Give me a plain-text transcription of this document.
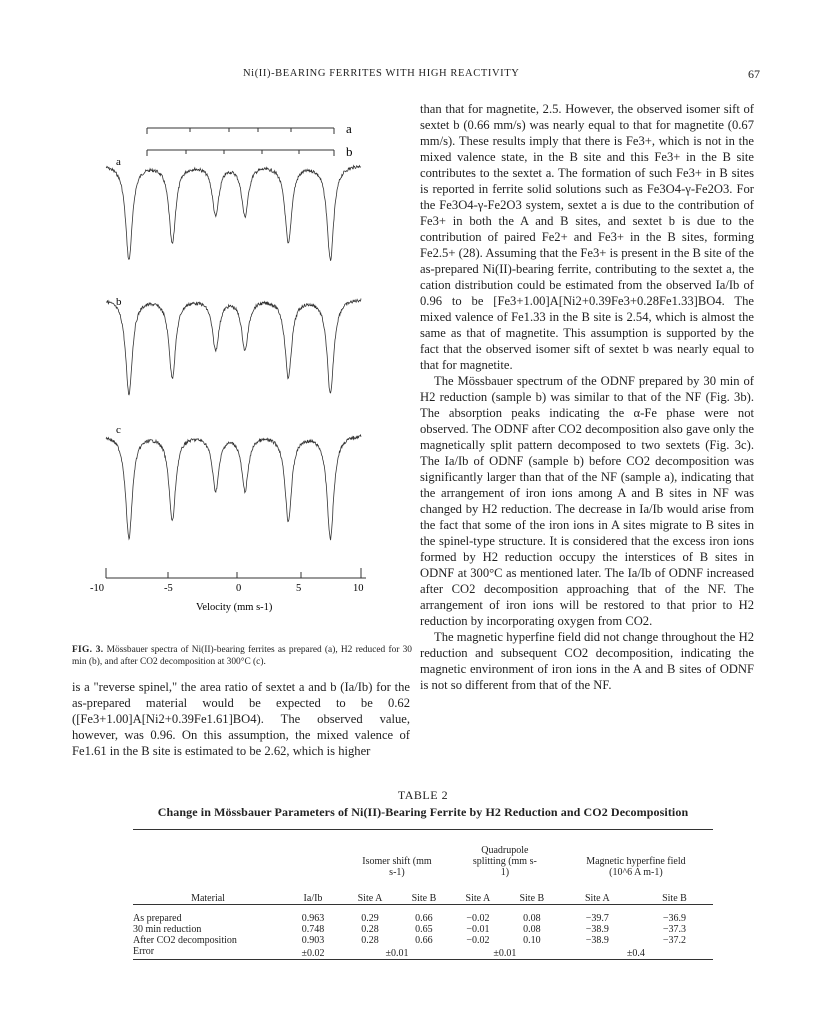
Ni(II)-BEARING FERRITES WITH HIGH REACTIVITY	67
a
b
a
b
c
-10	-5	0	5	10
Velocity (mm s-1)
FIG. 3. Mössbauer spectra of Ni(II)-bearing ferrites as prepared (a), H2 reduced for 30 min (b), and after CO2 decomposition at 300°C (c).

than that for magnetite, 2.5. However, the observed isomer sift of sextet b (0.66 mm/s) was nearly equal to that for magnetite (0.67 mm/s). These results imply that there is Fe3+, which is not in the mixed valence state, in the B site and this Fe3+ in the B site contributes to the sextet a. The formation of such Fe3+ in B sites is reported in ferrite solid solutions such as Fe3O4-γ-Fe2O3. For the Fe3O4-γ-Fe2O3 system, sextet a is due to the contribution of Fe3+ in both the A and B sites, and sextet b is due to the contribution of paired Fe2+ and Fe3+ in the B sites, forming Fe2.5+ (28). Assuming that the Fe3+ is present in the B site of the as-prepared Ni(II)-bearing ferrite, contributing to the sextet a, the cation distribution could be estimated from the observed Ia/Ib of 0.96 to be [Fe3+1.00]A[Ni2+0.39Fe3+0.28Fe1.33]BO4. The mixed valence of Fe1.33 in the B site is 2.54, which is almost the same as that of magnetite. This assumption is supported by the fact that the observed isomer sift of sextet b was nearly equal to that for magnetite.

The Mössbauer spectrum of the ODNF prepared by 30 min of H2 reduction (sample b) was similar to that of the NF (Fig. 3b). The absorption peaks indicating the α-Fe phase were not observed. The ODNF after CO2 decomposition also gave only the magnetically split pattern decomposed to two sextets (Fig. 3c). The Ia/Ib of ODNF (sample b) before CO2 decomposition was significantly larger than that of the NF (sample a), indicating that the arrangement of iron ions among A and B sites in NF was changed by H2 reduction. The decrease in Ia/Ib would arise from the fact that some of the iron ions in A sites migrate to B sites in the spinel-type structure. It is considered that the excess iron ions formed by H2 reduction occupy the interstices of B sites in ODNF at 300°C as mentioned later. The Ia/Ib of ODNF increased after CO2 decomposition approaching that of the NF. The arrangement of iron ions will be restored to that prior to H2 reduction by incorporating oxygen from CO2.

The magnetic hyperfine field did not change throughout the H2 reduction and subsequent CO2 decomposition, indicating the magnetic environment of iron ions in the A and B sites of ODNF is not so different from that of the NF.

is a "reverse spinel," the area ratio of sextet a and b (Ia/Ib) for the as-prepared material would be expected to be 0.62 ([Fe3+1.00]A[Ni2+0.39Fe1.61]BO4). The observed value, however, was 0.96. On this assumption, the mixed valence of Fe1.61 in the B site is estimated to be 2.62, which is higher

TABLE 2
Change in Mössbauer Parameters of Ni(II)-Bearing Ferrite by H2 Reduction and CO2 Decomposition

		Isomer shift (mm s-1)		Quadrupole splitting (mm s-1)		Magnetic hyperfine field (10^6 A m-1)	

Material	Ia/Ib	Site A	Site B	Site A	Site B	Site A	Site B
As prepared	0.963	0.29	0.66	−0.02	0.08	−39.7	−36.9
30 min reduction	0.748	0.28	0.65	−0.01	0.08	−38.9	−37.3
After CO2 decomposition	0.903	0.28	0.66	−0.02	0.10	−38.9	−37.2
Error	±0.02	±0.01		±0.01		±0.4	
